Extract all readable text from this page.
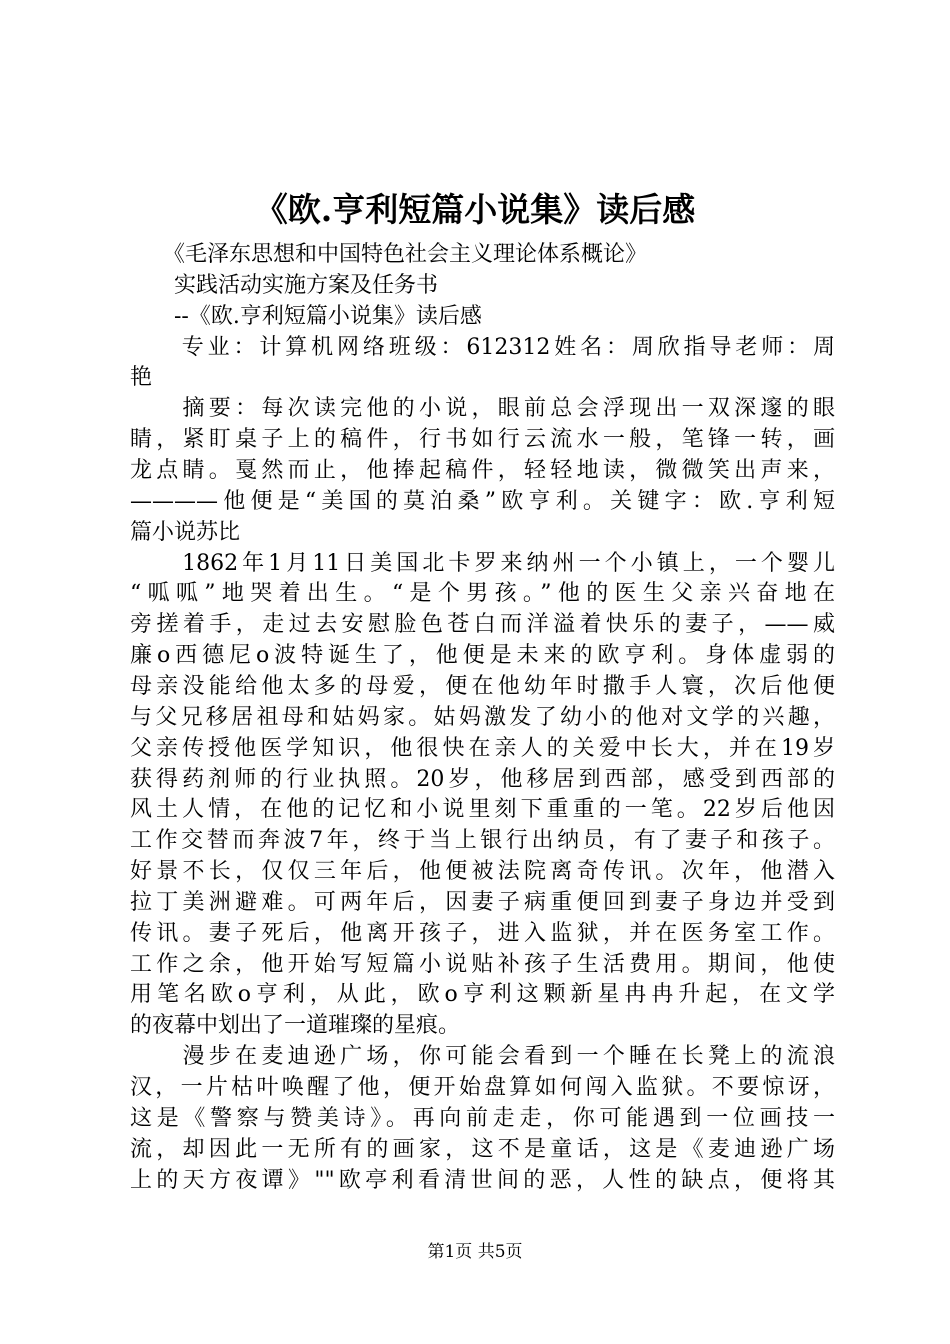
《欧.亨利短篇小说集》读后感
　　《毛泽东思想和中国特色社会主义理论体系概论》
　　实践活动实施方案及任务书
　　--《欧.亨利短篇小说集》读后感
　　专业：计算机网络班级：612312姓名：周欣指导老师：周
艳
　　摘要：每次读完他的小说，眼前总会浮现出一双深邃的眼
睛，紧盯桌子上的稿件，行书如行云流水一般，笔锋一转，画
龙点睛。戛然而止，他捧起稿件，轻轻地读，微微笑出声来，
————他便是“美国的莫泊桑”欧亨利。关键字：欧.亨利短
篇小说苏比
　　1862年1月11日美国北卡罗来纳州一个小镇上，一个婴儿
“呱呱”地哭着出生。“是个男孩。”他的医生父亲兴奋地在
旁搓着手，走过去安慰脸色苍白而洋溢着快乐的妻子，——威
廉o西德尼o波特诞生了，他便是未来的欧亨利。身体虚弱的
母亲没能给他太多的母爱，便在他幼年时撒手人寰，次后他便
与父兄移居祖母和姑妈家。姑妈激发了幼小的他对文学的兴趣，
父亲传授他医学知识，他很快在亲人的关爱中长大，并在19岁
获得药剂师的行业执照。20岁，他移居到西部，感受到西部的
风土人情，在他的记忆和小说里刻下重重的一笔。22岁后他因
工作交替而奔波7年，终于当上银行出纳员，有了妻子和孩子。
好景不长，仅仅三年后，他便被法院离奇传讯。次年，他潜入
拉丁美洲避难。可两年后，因妻子病重便回到妻子身边并受到
传讯。妻子死后，他离开孩子，进入监狱，并在医务室工作。
工作之余，他开始写短篇小说贴补孩子生活费用。期间，他使
用笔名欧o亨利，从此，欧o亨利这颗新星冉冉升起，在文学
的夜幕中划出了一道璀璨的星痕。
　　漫步在麦迪逊广场，你可能会看到一个睡在长凳上的流浪
汉，一片枯叶唤醒了他，便开始盘算如何闯入监狱。不要惊讶，
这是《警察与赞美诗》。再向前走走，你可能遇到一位画技一
流，却因此一无所有的画家，这不是童话，这是《麦迪逊广场
上的天方夜谭》""欧亭利看清世间的恶，人性的缺点，便将其
第1页 共5页
